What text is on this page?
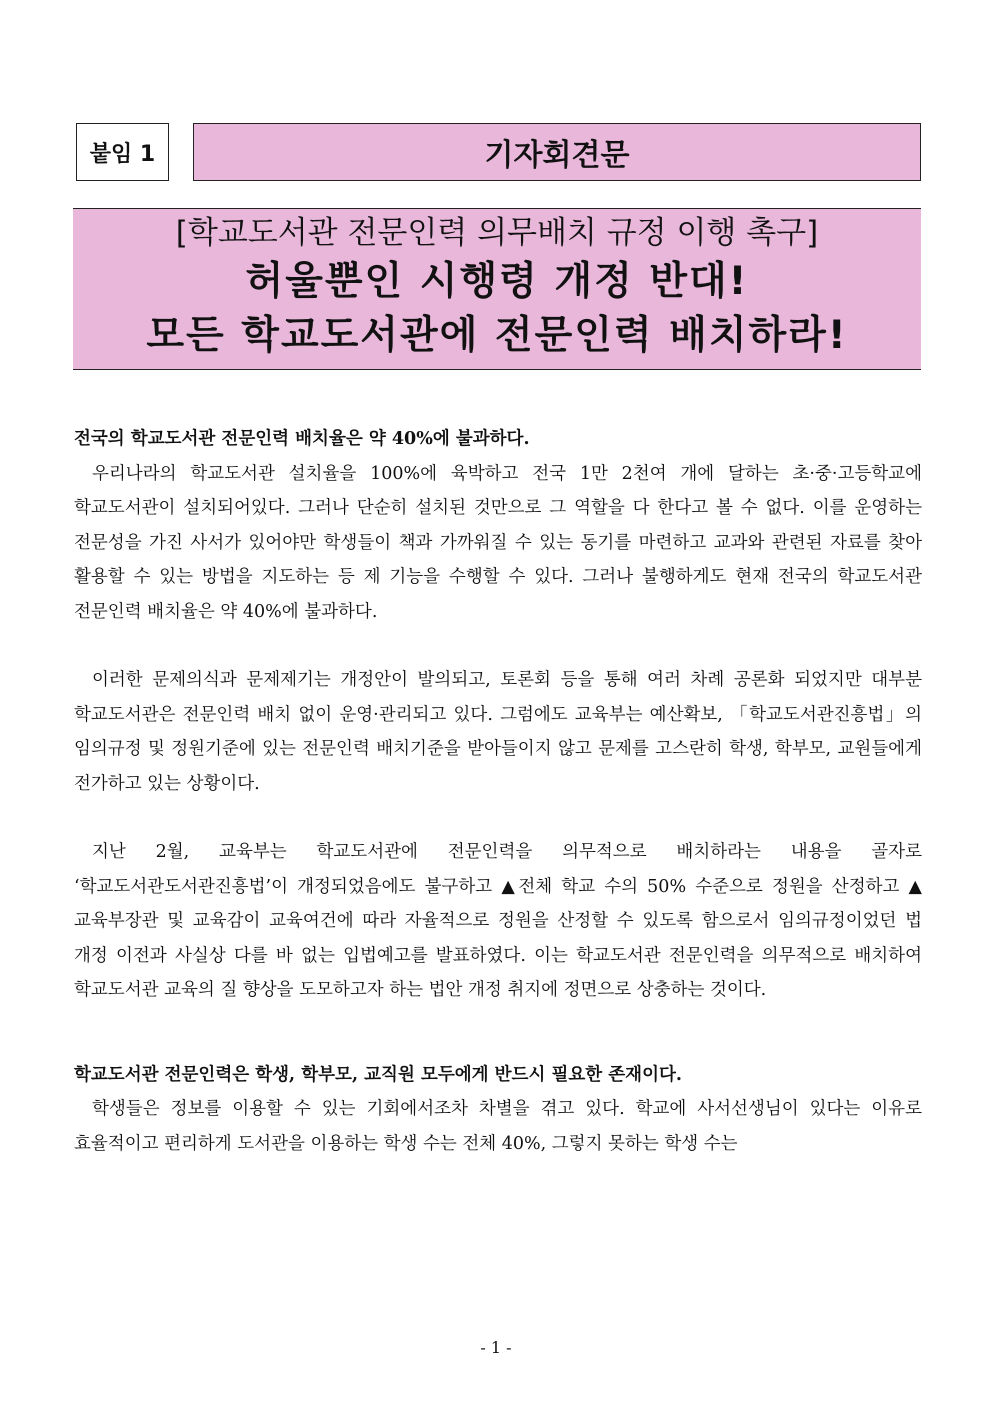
붙임 1	기자회견문
[학교도서관 전문인력 의무배치 규정 이행 촉구]
허울뿐인 시행령 개정 반대!
모든 학교도서관에 전문인력 배치하라!

전국의 학교도서관 전문인력 배치율은 약 40%에 불과하다.

우리나라의 학교도서관 설치율을 100%에 육박하고 전국 1만 2천여 개에 달하는 초·중·고등학교에 학교도서관이 설치되어있다. 그러나 단순히 설치된 것만으로 그 역할을 다 한다고 볼 수 없다. 이를 운영하는 전문성을 가진 사서가 있어야만 학생들이 책과 가까워질 수 있는 동기를 마련하고 교과와 관련된 자료를 찾아 활용할 수 있는 방법을 지도하는 등 제 기능을 수행할 수 있다. 그러나 불행하게도 현재 전국의 학교도서관 전문인력 배치율은 약 40%에 불과하다.

이러한 문제의식과 문제제기는 개정안이 발의되고, 토론회 등을 통해 여러 차례 공론화 되었지만 대부분 학교도서관은 전문인력 배치 없이 운영·관리되고 있다. 그럼에도 교육부는 예산확보, 「학교도서관진흥법」의 임의규정 및 정원기준에 있는 전문인력 배치기준을 받아들이지 않고 문제를 고스란히 학생, 학부모, 교원들에게 전가하고 있는 상황이다.

지난 2월, 교육부는 학교도서관에 전문인력을 의무적으로 배치하라는 내용을 골자로 ‘학교도서관도서관진흥법’이 개정되었음에도 불구하고 ▲전체 학교 수의 50% 수준으로 정원을 산정하고 ▲교육부장관 및 교육감이 교육여건에 따라 자율적으로 정원을 산정할 수 있도록 함으로서 임의규정이었던 법 개정 이전과 사실상 다를 바 없는 입법예고를 발표하였다. 이는 학교도서관 전문인력을 의무적으로 배치하여 학교도서관 교육의 질 향상을 도모하고자 하는 법안 개정 취지에 정면으로 상충하는 것이다.

학교도서관 전문인력은 학생, 학부모, 교직원 모두에게 반드시 필요한 존재이다.

학생들은 정보를 이용할 수 있는 기회에서조차 차별을 겪고 있다. 학교에 사서선생님이 있다는 이유로 효율적이고 편리하게 도서관을 이용하는 학생 수는 전체 40%, 그렇지 못하는 학생 수는

- 1 -
